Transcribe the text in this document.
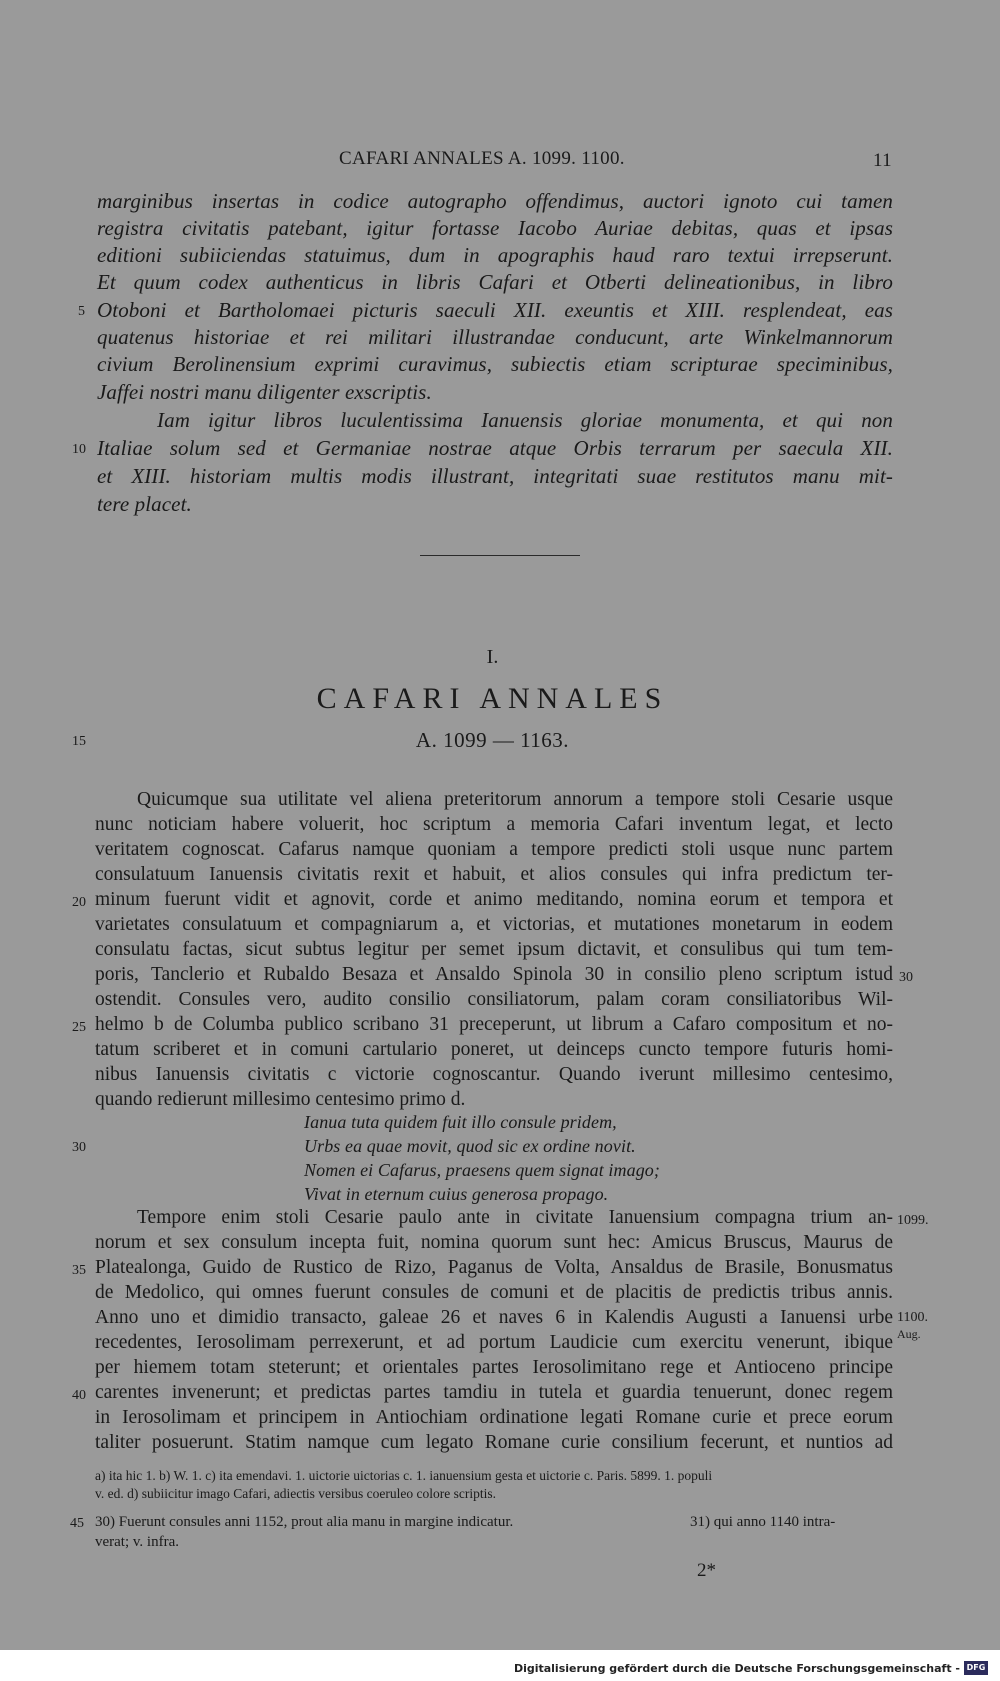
CAFARI ANNALES A. 1099. 1100.	11
marginibus insertas in codice autographo offendimus, auctori ignoto cui tamen
registra civitatis patebant, igitur fortasse Iacobo Auriae debitas, quas et ipsas
editioni subiiciendas statuimus, dum in apographis haud raro textui irrepserunt.
Et quum codex authenticus in libris Cafari et Otberti delineationibus, in libro
Otoboni et Bartholomaei picturis saeculi XII. exeuntis et XIII. resplendeat, eas
quatenus historiae et rei militari illustrandae conducunt, arte Winkelmannorum
civium Berolinensium exprimi curavimus, subiectis etiam scripturae speciminibus,
Jaffei nostri manu diligenter exscriptis.
Iam igitur libros luculentissima Ianuensis gloriae monumenta, et qui non
Italiae solum sed et Germaniae nostrae atque Orbis terrarum per saecula XII.
et XIII. historiam multis modis illustrant, integritati suae restitutos manu mit-
tere placet.
5
10
I.
CAFARI ANNALES
A. 1099 — 1163.
15
Quicumque sua utilitate vel aliena preteritorum annorum a tempore stoli Cesarie usque
nunc noticiam habere voluerit, hoc scriptum a memoria Cafari inventum legat, et lecto
veritatem cognoscat. Cafarus namque quoniam a tempore predicti stoli usque nunc partem
consulatuum Ianuensis civitatis rexit et habuit, et alios consules qui infra predictum ter-
minum fuerunt vidit et agnovit, corde et animo meditando, nomina eorum et tempora et
varietates consulatuum et compagniarum a, et victorias, et mutationes monetarum in eodem
consulatu factas, sicut subtus legitur per semet ipsum dictavit, et consulibus qui tum tem-
poris, Tanclerio et Rubaldo Besaza et Ansaldo Spinola 30 in consilio pleno scriptum istud
ostendit. Consules vero, audito consilio consiliatorum, palam coram consiliatoribus Wil-
helmo b de Columba publico scribano 31 preceperunt, ut librum a Cafaro compositum et no-
tatum scriberet et in comuni cartulario poneret, ut deinceps cuncto tempore futuris homi-
nibus Ianuensis civitatis c victorie cognoscantur. Quando iverunt millesimo centesimo,
quando redierunt millesimo centesimo primo d.
20
25
30
Ianua tuta quidem fuit illo consule pridem,
Urbs ea quae movit, quod sic ex ordine novit.
Nomen ei Cafarus, praesens quem signat imago;
Vivat in eternum cuius generosa propago.
30
Tempore enim stoli Cesarie paulo ante in civitate Ianuensium compagna trium an-
norum et sex consulum incepta fuit, nomina quorum sunt hec: Amicus Bruscus, Maurus de
Platealonga, Guido de Rustico de Rizo, Paganus de Volta, Ansaldus de Brasile, Bonusmatus
de Medolico, qui omnes fuerunt consules de comuni et de placitis de predictis tribus annis.
Anno uno et dimidio transacto, galeae 26 et naves 6 in Kalendis Augusti a Ianuensi urbe
recedentes, Ierosolimam perrexerunt, et ad portum Laudicie cum exercitu venerunt, ibique
per hiemem totam steterunt; et orientales partes Ierosolimitano rege et Antioceno principe
carentes invenerunt; et predictas partes tamdiu in tutela et guardia tenuerunt, donec regem
in Ierosolimam et principem in Antiochiam ordinatione legati Romane curie et prece eorum
taliter posuerunt. Statim namque cum legato Romane curie consilium fecerunt, et nuntios ad
35
40
1099.
1100.
Aug.
a) ita hic 1. b) W. 1. c) ita emendavi. 1. uictorie uictorias c. 1. ianuensium gesta et uictorie c. Paris. 5899. 1. populi
v. ed. d) subiicitur imago Cafari, adiectis versibus coeruleo colore scriptis.
30) Fuerunt consules anni 1152, prout alia manu in margine indicatur.	31) qui anno 1140 intra-
verat; v. infra.
45
2*
Digitalisierung gefördert durch die Deutsche Forschungsgemeinschaft - DFG
